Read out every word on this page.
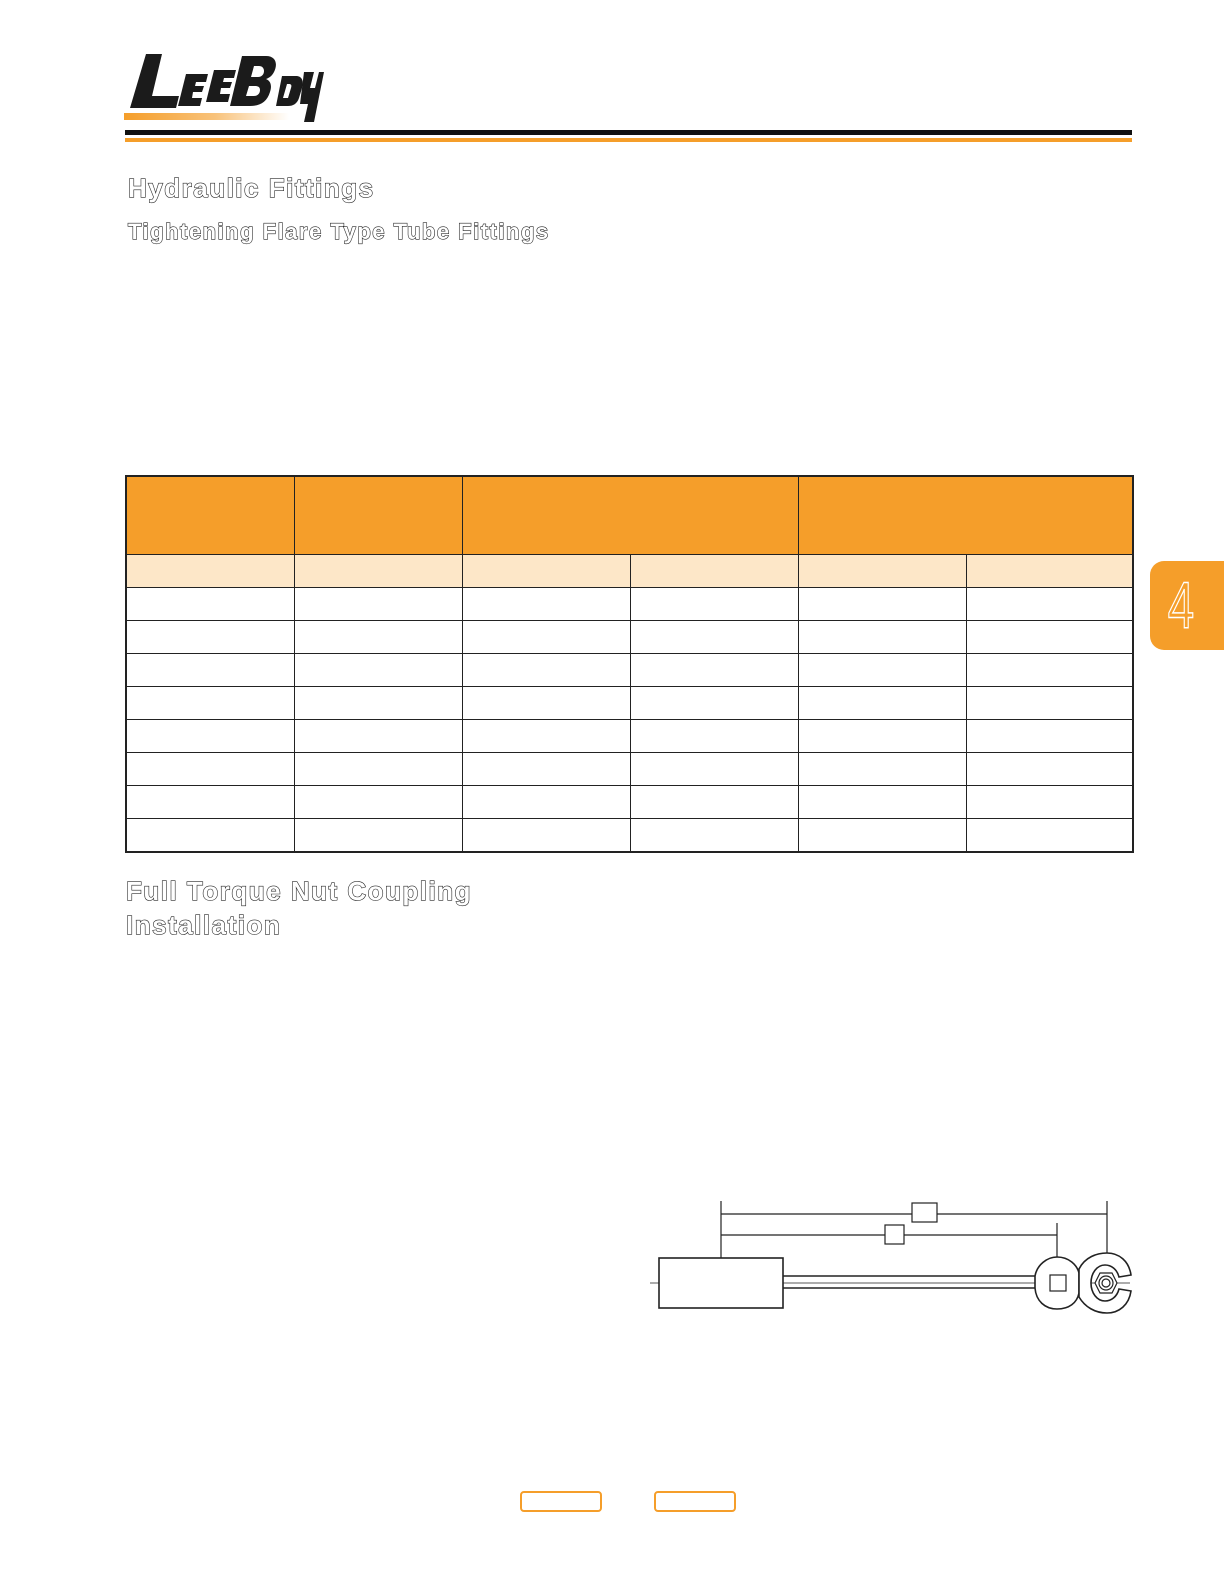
LeeBoy
Hydraulic Fittings
Tightening Flare Type Tube Fittings

Full Torque Nut Coupling
Installation
4
